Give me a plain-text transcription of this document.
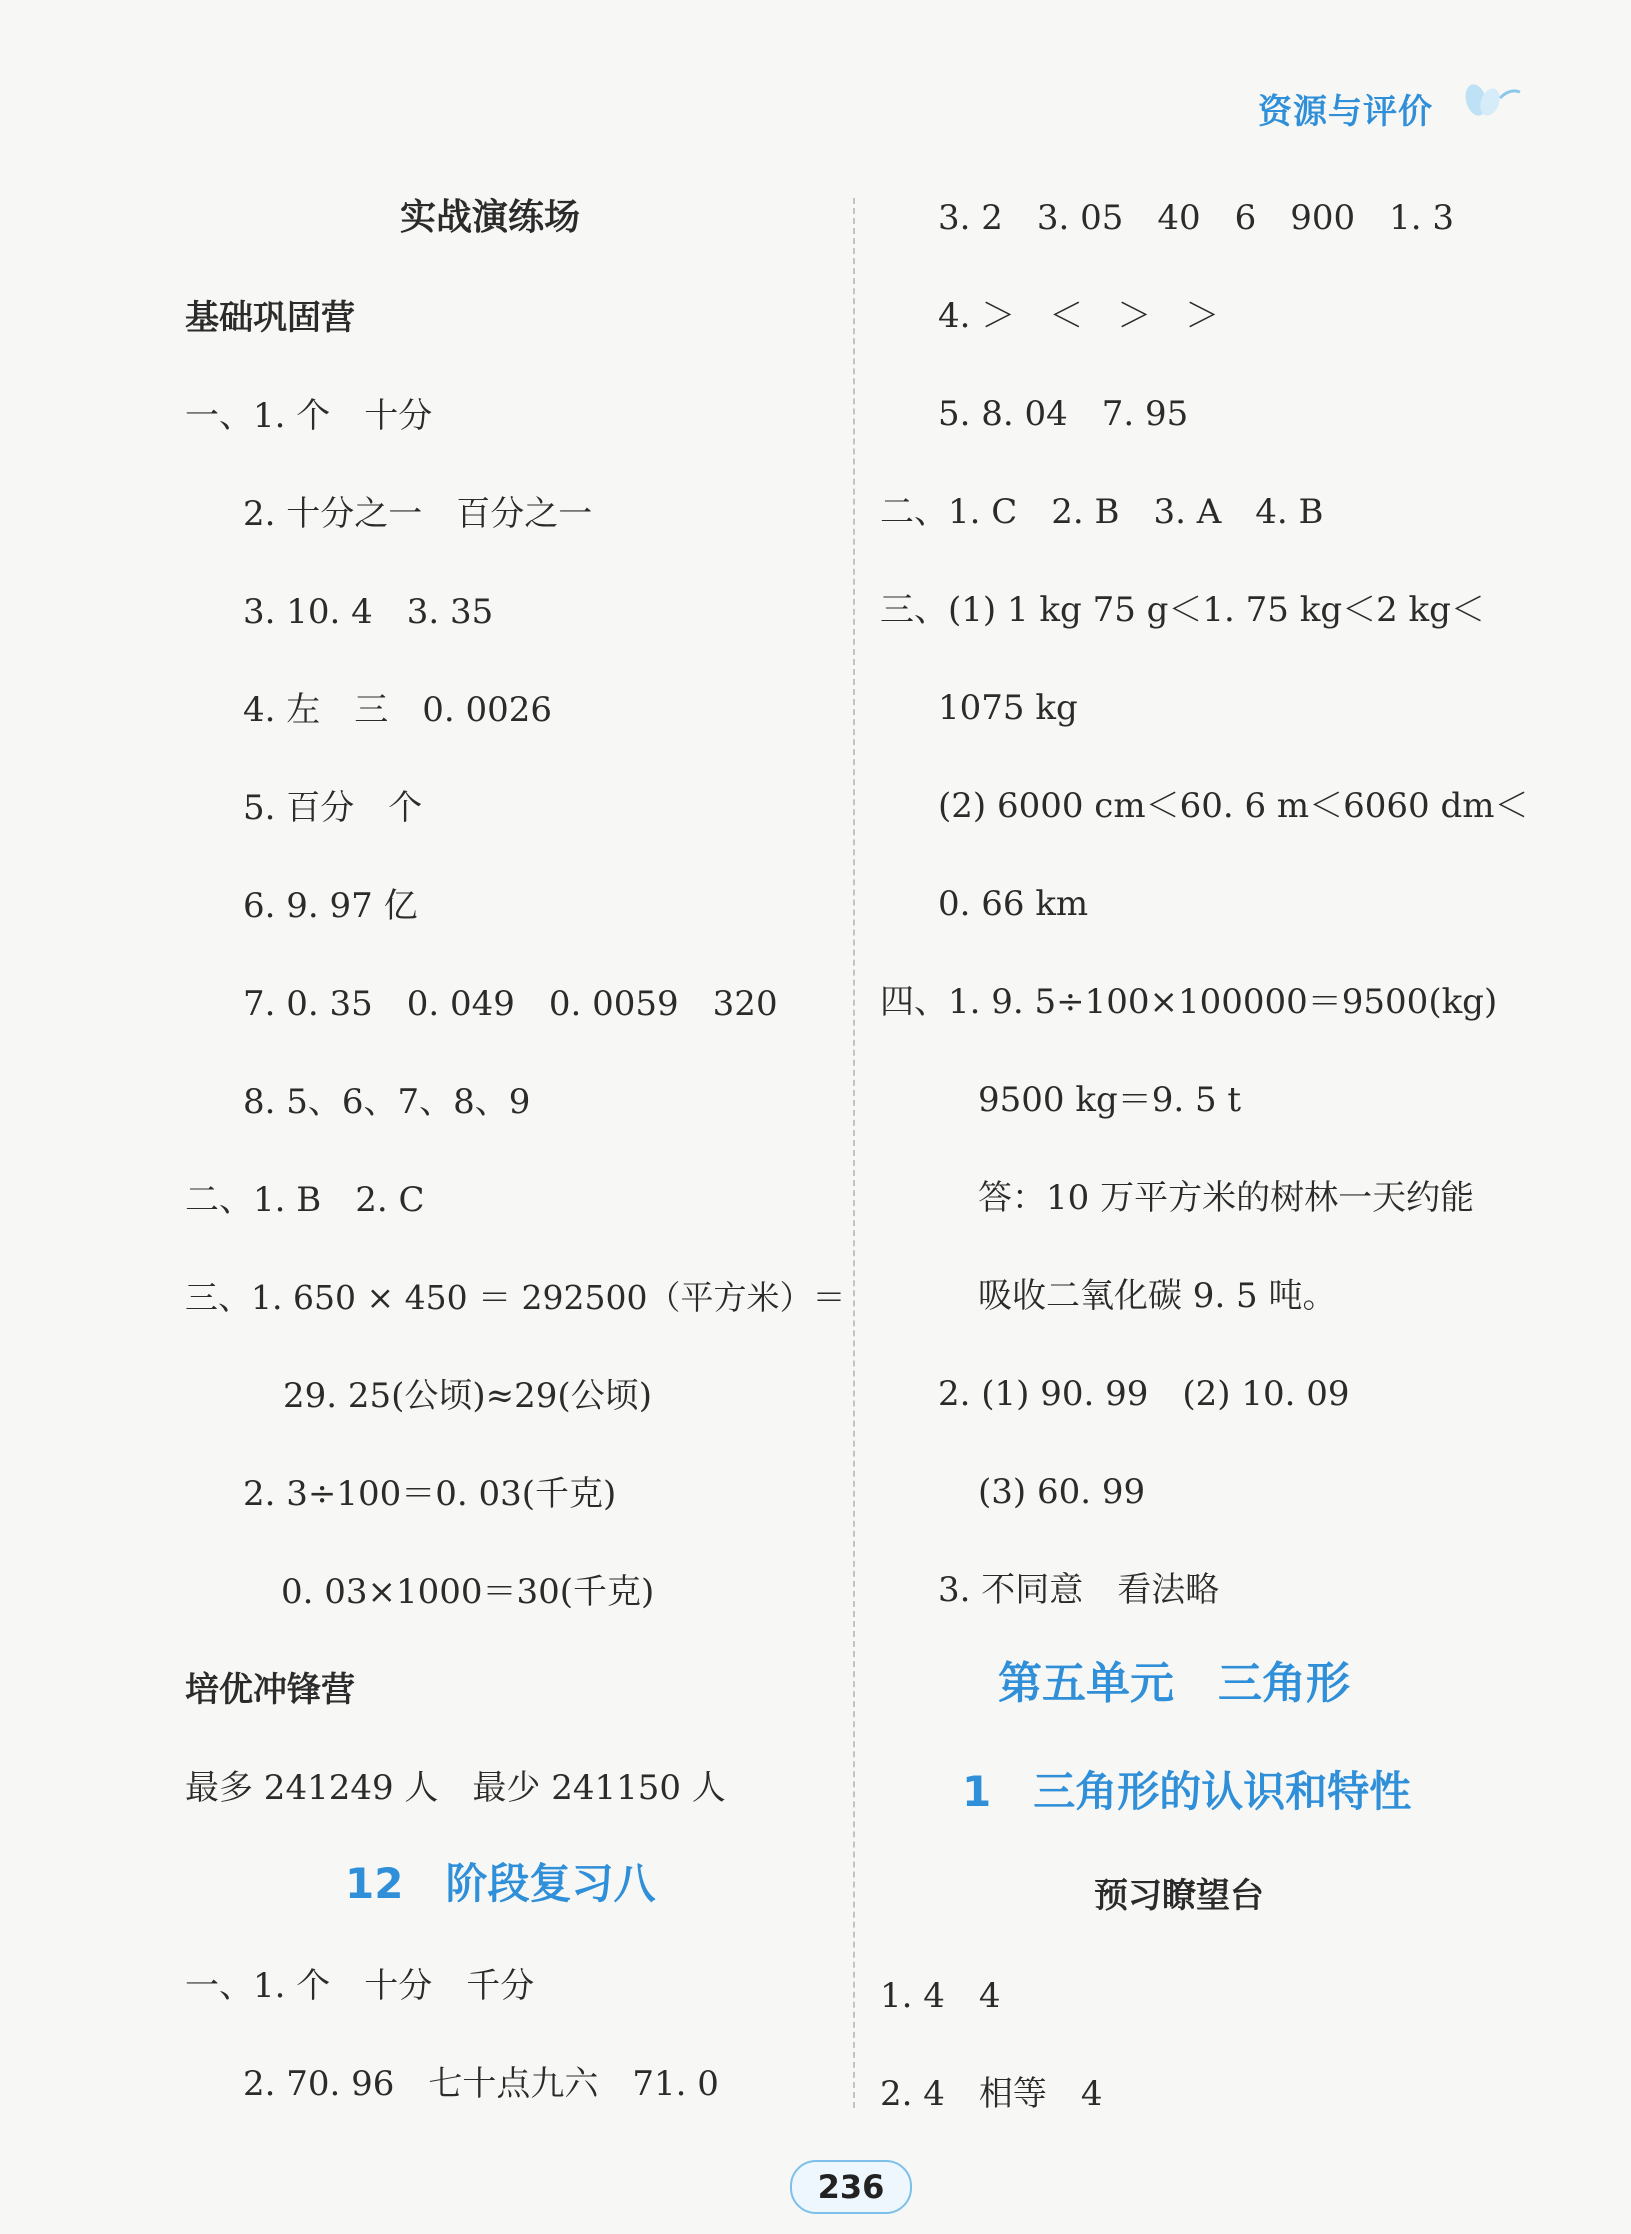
资源与评价
实战演练场
基础巩固营
一、1. 个　十分
2. 十分之一　百分之一
3. 10. 4　3. 35
4. 左　三　0. 0026
5. 百分　个
6. 9. 97 亿
7. 0. 35　0. 049　0. 0059　320
8. 5、6、7、8、9
二、1. B　2. C
三、1. 650 × 450 ＝ 292500（平方米）＝
29. 25(公顷)≈29(公顷)
2. 3÷100＝0. 03(千克)
0. 03×1000＝30(千克)
培优冲锋营
最多 241249 人　最少 241150 人
12　阶段复习八
一、1. 个　十分　千分
2. 70. 96　七十点九六　71. 0
3. 2　3. 05　40　6　900　1. 3
4. ＞　＜　＞　＞
5. 8. 04　7. 95
二、1. C　2. B　3. A　4. B
三、(1) 1 kg 75 g＜1. 75 kg＜2 kg＜
1075 kg
(2) 6000 cm＜60. 6 m＜6060 dm＜
0. 66 km
四、1. 9. 5÷100×100000＝9500(kg)
9500 kg＝9. 5 t
答：10 万平方米的树林一天约能
吸收二氧化碳 9. 5 吨。
2. (1) 90. 99　(2) 10. 09
(3) 60. 99
3. 不同意　看法略
第五单元　三角形
1　三角形的认识和特性
预习瞭望台
1. 4　4
2. 4　相等　4
236
